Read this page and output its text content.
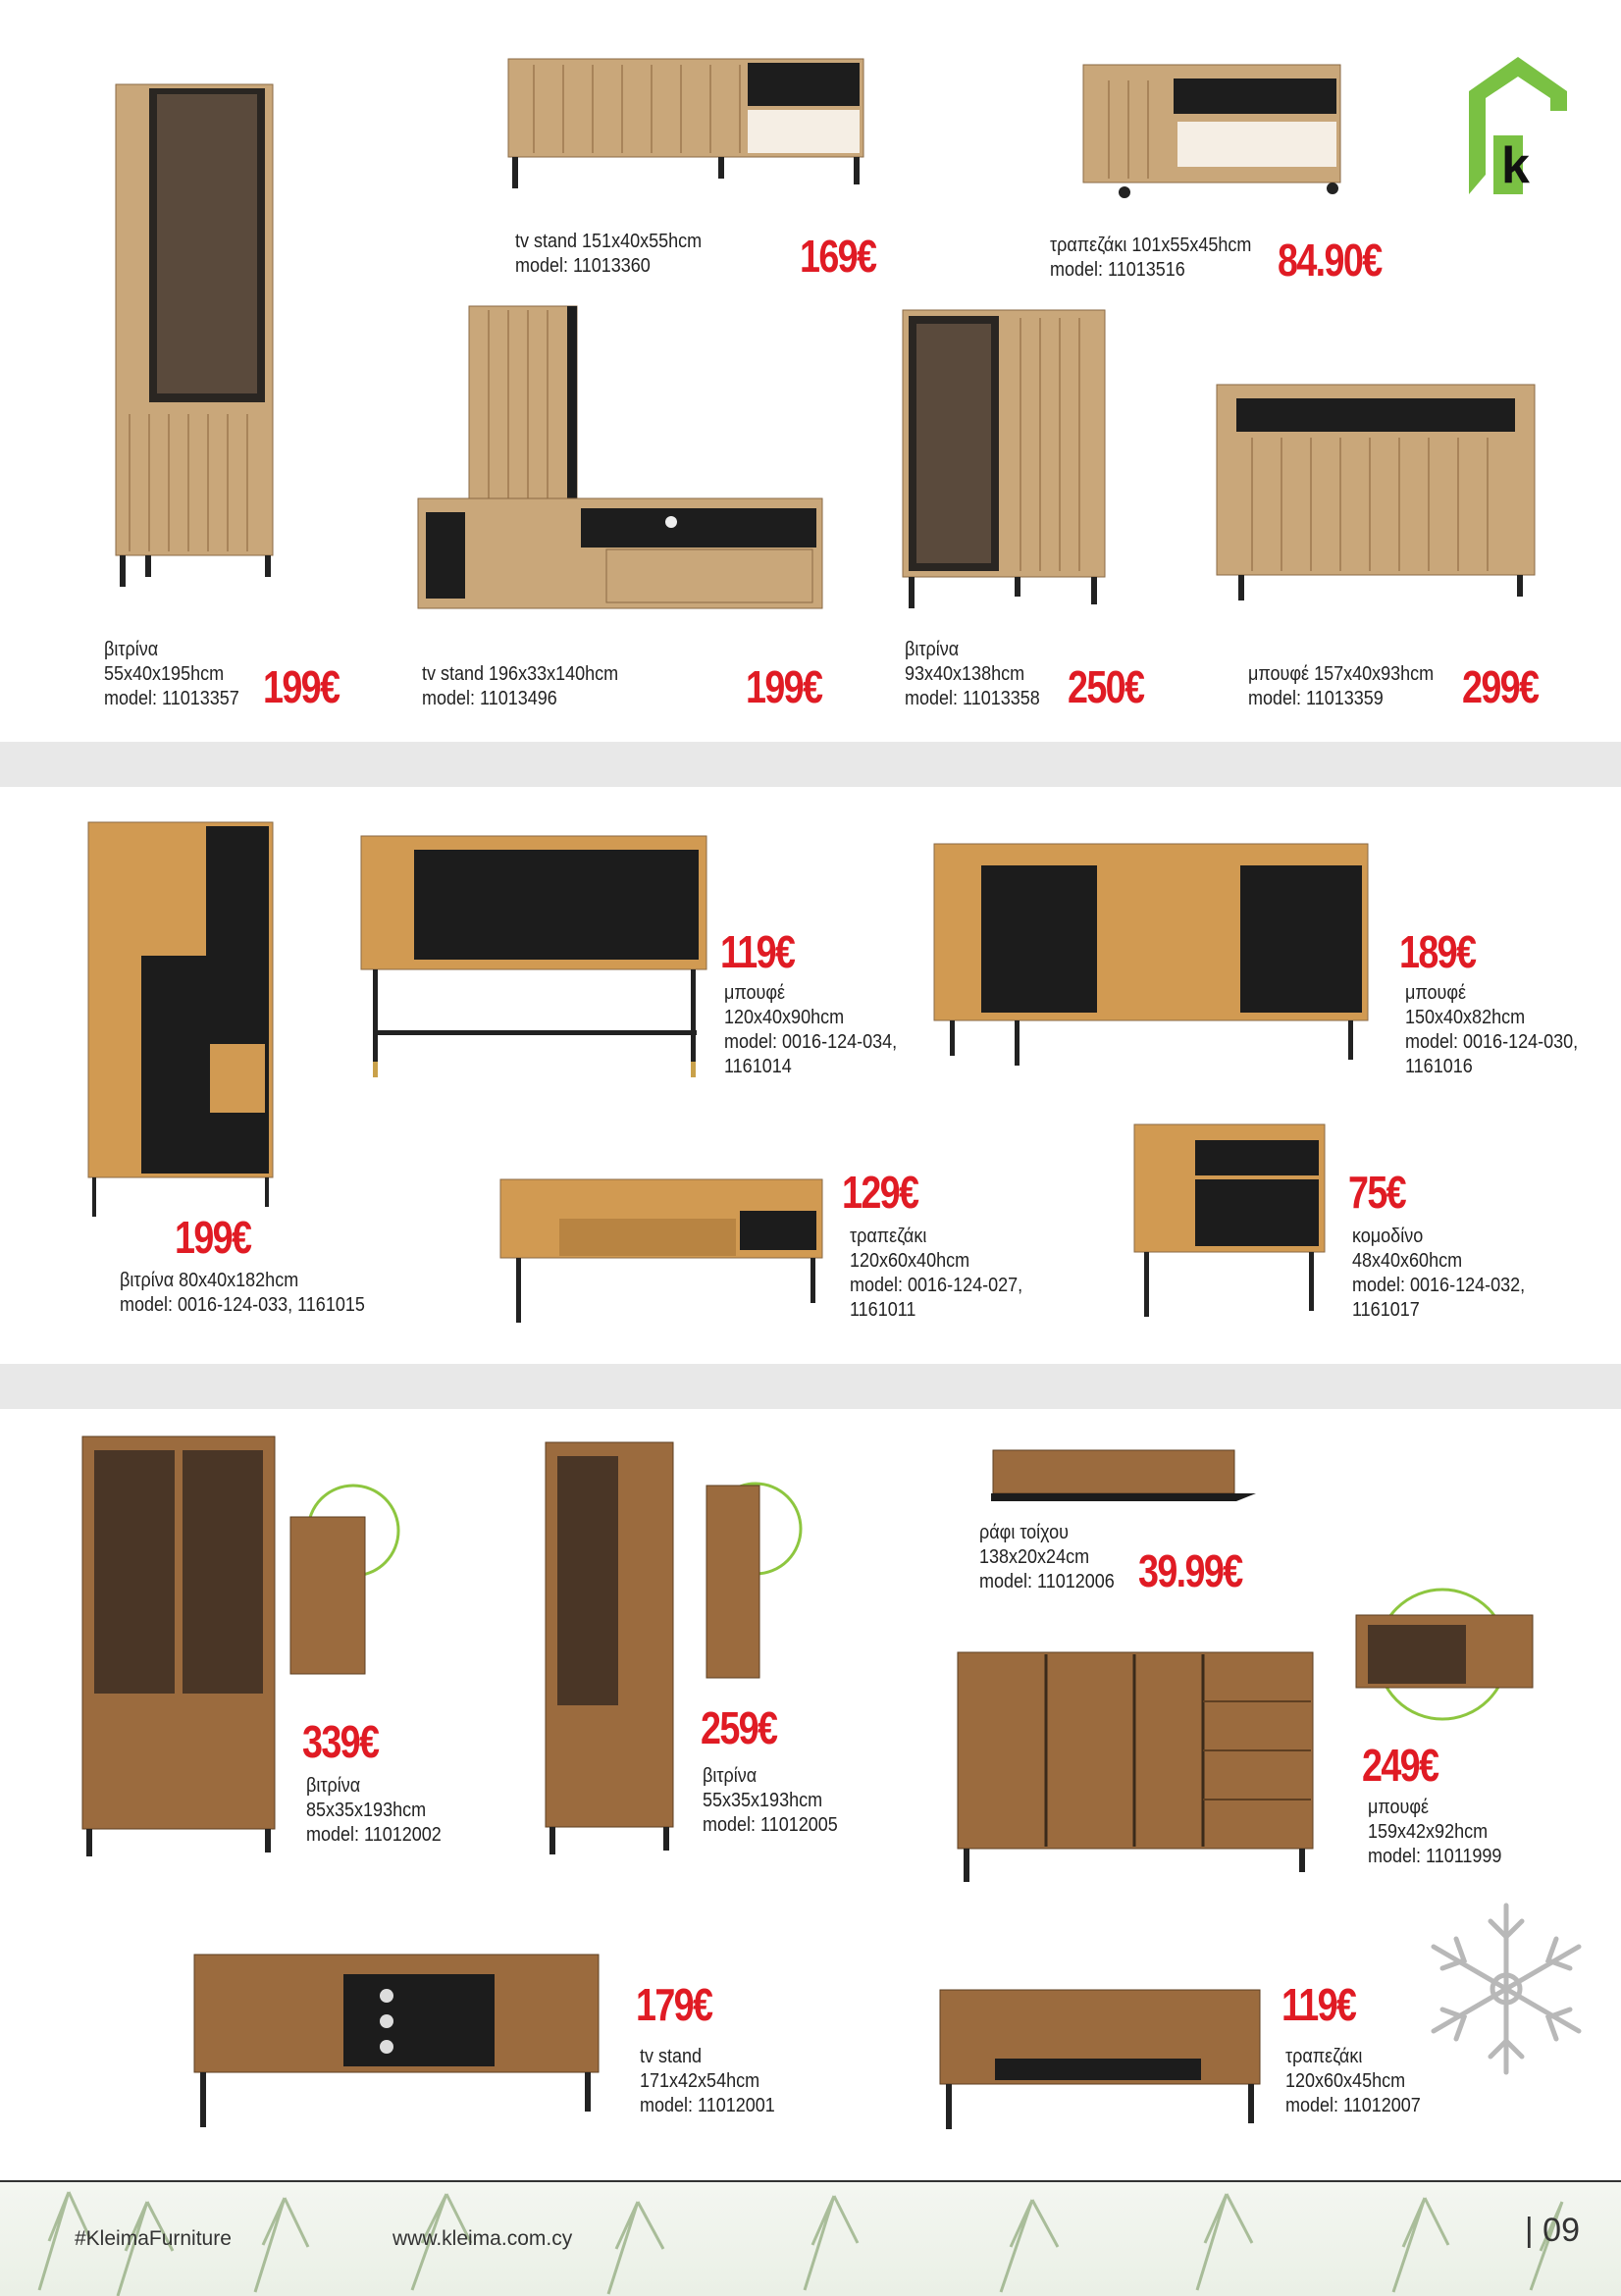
k
βιτρίνα
55x40x195hcm
model: 11013357 199€
tv stand 151x40x55hcm
model: 11013360	169€	τραπεζάκι 101x55x45hcm
model: 11013516	84.90€
tv stand 196x33x140hcm
model: 11013496	199€
βιτρίνα
93x40x138hcm
model: 11013358 250€	μπουφέ 157x40x93hcm
model: 11013359	299€
199€
βιτρίνα 80x40x182hcm
model: 0016-124-033, 1161015
119€
μπουφέ
120x40x90hcm
model: 0016-124-034,
1161014
189€
μπουφέ
150x40x82hcm
model: 0016-124-030,
1161016
129€
τραπεζάκι
120x60x40hcm
model: 0016-124-027,
1161011
75€
κομοδίνο
48x40x60hcm
model: 0016-124-032,
1161017
339€
βιτρίνα
85x35x193hcm
model: 11012002
259€
βιτρίνα
55x35x193hcm
model: 11012005
ράφι τοίχου
138x20x24cm
model: 11012006 39.99€
249€
μπουφέ
159x42x92hcm
model: 11011999
179€
tv stand
171x42x54hcm
model: 11012001
119€
τραπεζάκι
120x60x45hcm
model: 11012007
#KleimaFurniture	www.kleima.com.cy	| 09
